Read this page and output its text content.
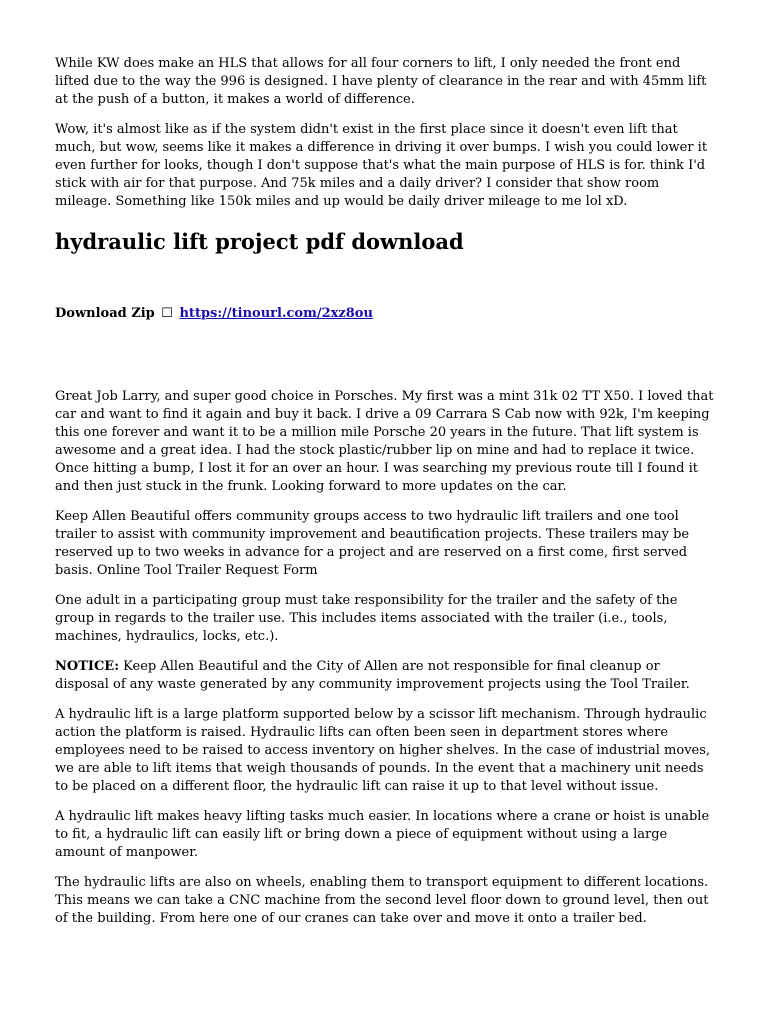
While KW does make an HLS that allows for all four corners to lift, I only needed the front end lifted due to the way the 996 is designed. I have plenty of clearance in the rear and with 45mm lift at the push of a button, it makes a world of difference.

Wow, it's almost like as if the system didn't exist in the first place since it doesn't even lift that much, but wow, seems like it makes a difference in driving it over bumps. I wish you could lower it even further for looks, though I don't suppose that's what the main purpose of HLS is for. think I'd stick with air for that purpose. And 75k miles and a daily driver? I consider that show room mileage. Something like 150k miles and up would be daily driver mileage to me lol xD.

hydraulic lift project pdf download
Download Zip ☐ https://tinourl.com/2xz8ou

Great Job Larry, and super good choice in Porsches. My first was a mint 31k 02 TT X50. I loved that car and want to find it again and buy it back. I drive a 09 Carrara S Cab now with 92k, I'm keeping this one forever and want it to be a million mile Porsche 20 years in the future. That lift system is awesome and a great idea. I had the stock plastic/rubber lip on mine and had to replace it twice. Once hitting a bump, I lost it for an over an hour. I was searching my previous route till I found it and then just stuck in the frunk. Looking forward to more updates on the car.

Keep Allen Beautiful offers community groups access to two hydraulic lift trailers and one tool trailer to assist with community improvement and beautification projects. These trailers may be reserved up to two weeks in advance for a project and are reserved on a first come, first served basis. Online Tool Trailer Request Form

One adult in a participating group must take responsibility for the trailer and the safety of the group in regards to the trailer use. This includes items associated with the trailer (i.e., tools, machines, hydraulics, locks, etc.).

NOTICE: Keep Allen Beautiful and the City of Allen are not responsible for final cleanup or disposal of any waste generated by any community improvement projects using the Tool Trailer.

A hydraulic lift is a large platform supported below by a scissor lift mechanism. Through hydraulic action the platform is raised. Hydraulic lifts can often been seen in department stores where employees need to be raised to access inventory on higher shelves. In the case of industrial moves, we are able to lift items that weigh thousands of pounds. In the event that a machinery unit needs to be placed on a different floor, the hydraulic lift can raise it up to that level without issue.

A hydraulic lift makes heavy lifting tasks much easier. In locations where a crane or hoist is unable to fit, a hydraulic lift can easily lift or bring down a piece of equipment without using a large amount of manpower.

The hydraulic lifts are also on wheels, enabling them to transport equipment to different locations. This means we can take a CNC machine from the second level floor down to ground level, then out of the building. From here one of our cranes can take over and move it onto a trailer bed.
